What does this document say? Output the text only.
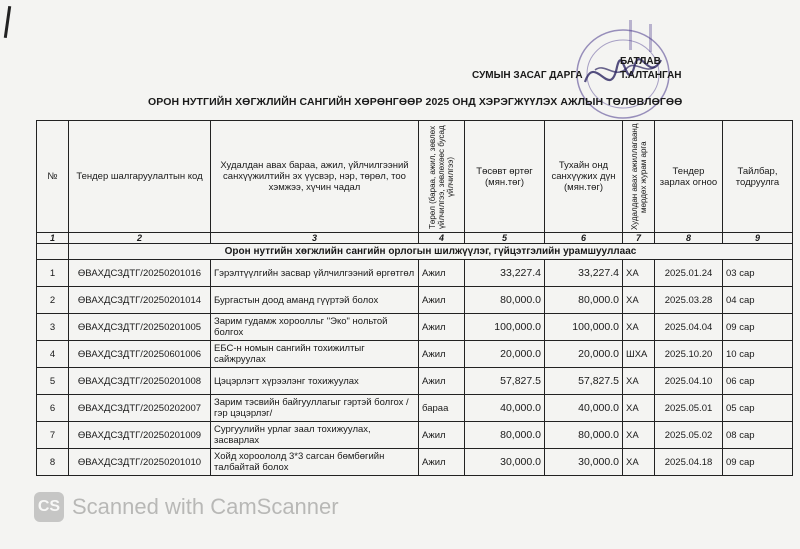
БАТЛАВ
СУМЫН ЗАСАГ ДАРГА	Т.АЛТАНГАН
ОРОН НУТГИЙН ХӨГЖЛИЙН САНГИЙН ХӨРӨНГӨӨР 2025 ОНД ХЭРЭГЖҮҮЛЭХ АЖЛЫН ТӨЛӨВЛӨГӨӨ
№	Тендер шалгаруулалтын код	Худалдан авах бараа, ажил, үйлчилгээний санхүүжилтийн эх үүсвэр, нэр, төрөл, тоо хэмжээ, хүчин чадал	Төрөл (бараа, ажил, зөвлөх үйлчилгээ, зөвлөхөөс бусад үйлчилгээ)	Төсөвт өртөг (мян.төг)	Тухайн онд санхүүжих дүн (мян.төг)	Худалдан авах ажиллагаанд мөрдөх журам арга	Тендер зарлах огноо	Тайлбар, тодруулга
1	2	3	4	5	6	7	8	9
	Орон нутгийн хөгжлийн сангийн орлогын шилжүүлэг, гүйцэтгэлийн урамшууллаас							
1	ӨВАХДСЗДТГ/20250201016	Гэрэлтүүлгийн засвар үйлчилгээний өргөтгөл	Ажил	33,227.4	33,227.4	ХА	2025.01.24	03 сар
2	ӨВАХДСЗДТГ/20250201014	Бургастын доод аманд гүүртэй болох	Ажил	80,000.0	80,000.0	ХА	2025.03.28	04 сар
3	ӨВАХДСЗДТГ/20250201005	Зарим гудамж хороолльг "Эко" нольтой болгох	Ажил	100,000.0	100,000.0	ХА	2025.04.04	09 сар
4	ӨВАХДСЗДТГ/20250601006	ЕБС-н номын сангийн тохижилтыг сайжруулах	Ажил	20,000.0	20,000.0	ШХА	2025.10.20	10 сар
5	ӨВАХДСЗДТГ/20250201008	Цэцэрлэгт хүрээлэнг тохижуулах	Ажил	57,827.5	57,827.5	ХА	2025.04.10	06 сар
6	ӨВАХДСЗДТГ/20250202007	Зарим тэсвийн байгууллагыг гэртэй болгох / гэр цэцэрлэг/	бараа	40,000.0	40,000.0	ХА	2025.05.01	05 сар
7	ӨВАХДСЗДТГ/20250201009	Сургуулийн урлаг заал тохижуулах, засварлах	Ажил	80,000.0	80,000.0	ХА	2025.05.02	08 сар
8	ӨВАХДСЗДТГ/20250201010	Хойд хороололд 3*3 сагсан бөмбөгийн талбайтай болох	Ажил	30,000.0	30,000.0	ХА	2025.04.18	09 сар
CS Scanned with CamScanner
